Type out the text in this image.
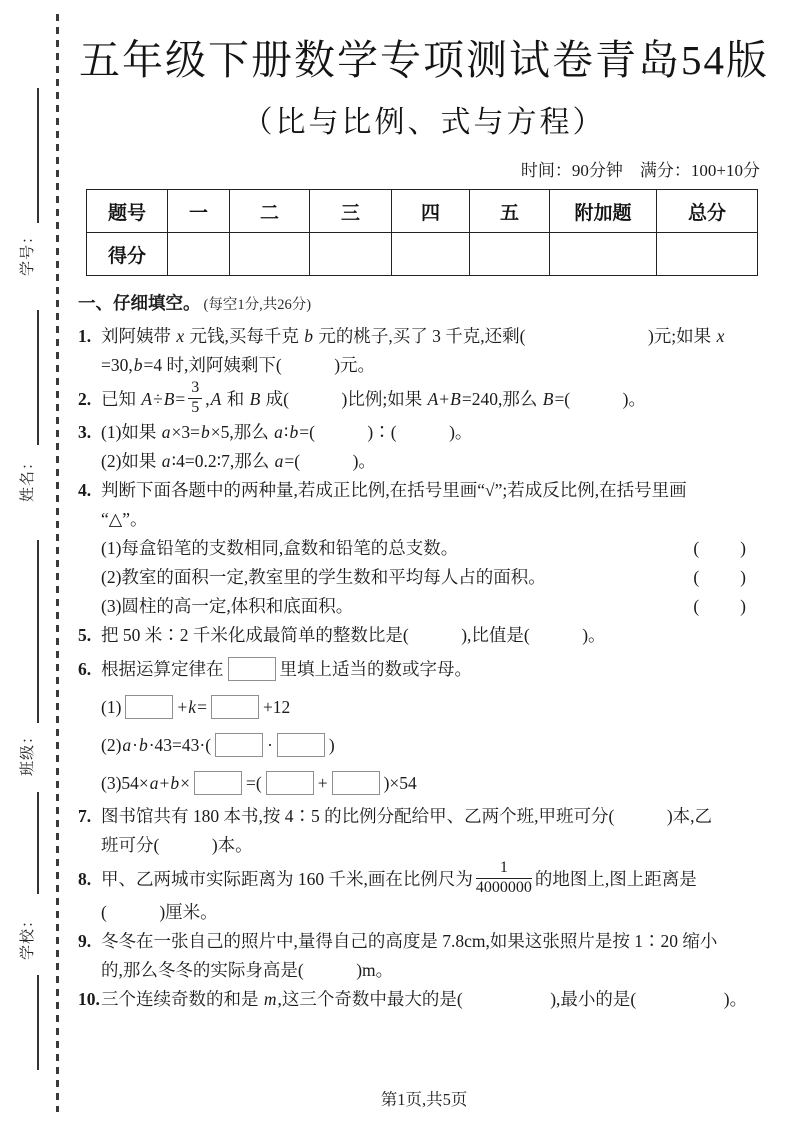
学号：
姓名：
班级：
学校：
五年级下册数学专项测试卷青岛54版
（比与比例、式与方程）
时间：90分钟　满分：100+10分
题号	一	二	三	四	五	附加题	总分
得分							
一、仔细填空。 (每空1分,共26分)
1. 刘阿姨带 x 元钱,买每千克 b 元的桃子,买了 3 千克,还剩(　　　　　　　)元;如果 x
=30,b=4 时,刘阿姨剩下(　　　)元。
2. 已知 $A\div B= \frac{3}{5} ,A$ 和 B 成(　　　)比例;如果 A+B=240,那么 B=(　　　)。
3. (1)如果 a×3=b×5,那么 a∶b=(　　　)∶(　　　)。
(2)如果 a∶4=0.2∶7,那么 a=(　　　)。
4. 判断下面各题中的两种量,若成正比例,在括号里画“√”;若成反比例,在括号里画
“△”。
(1)每盒铅笔的支数相同,盒数和铅笔的总支数。	(　　)
(2)教室的面积一定,教室里的学生数和平均每人占的面积。	(　　)
(3)圆柱的高一定,体积和底面积。	(　　)
5. 把 50 米∶2 千米化成最简单的整数比是(　　　),比值是(　　　)。
6. 根据运算定律在	里填上适当的数或字母。
(1)	+k=	+12
(2)a·b·43=43·(	·	)
(3)54×a+b×	=(	+	)×54
7. 图书馆共有 180 本书,按 4∶5 的比例分配给甲、乙两个班,甲班可分(　　　)本,乙
班可分(　　　)本。
8. 甲、乙两城市实际距离为 160 千米,画在比例尺为 $\frac{1}{4000000}$ 的地图上,图上距离是
(　　　)厘米。
9. 冬冬在一张自己的照片中,量得自己的高度是 7.8cm,如果这张照片是按 1∶20 缩小
的,那么冬冬的实际身高是(　　　)m。
10.三个连续奇数的和是 m,这三个奇数中最大的是(　　　　　),最小的是(　　　　　)。
第1页,共5页
